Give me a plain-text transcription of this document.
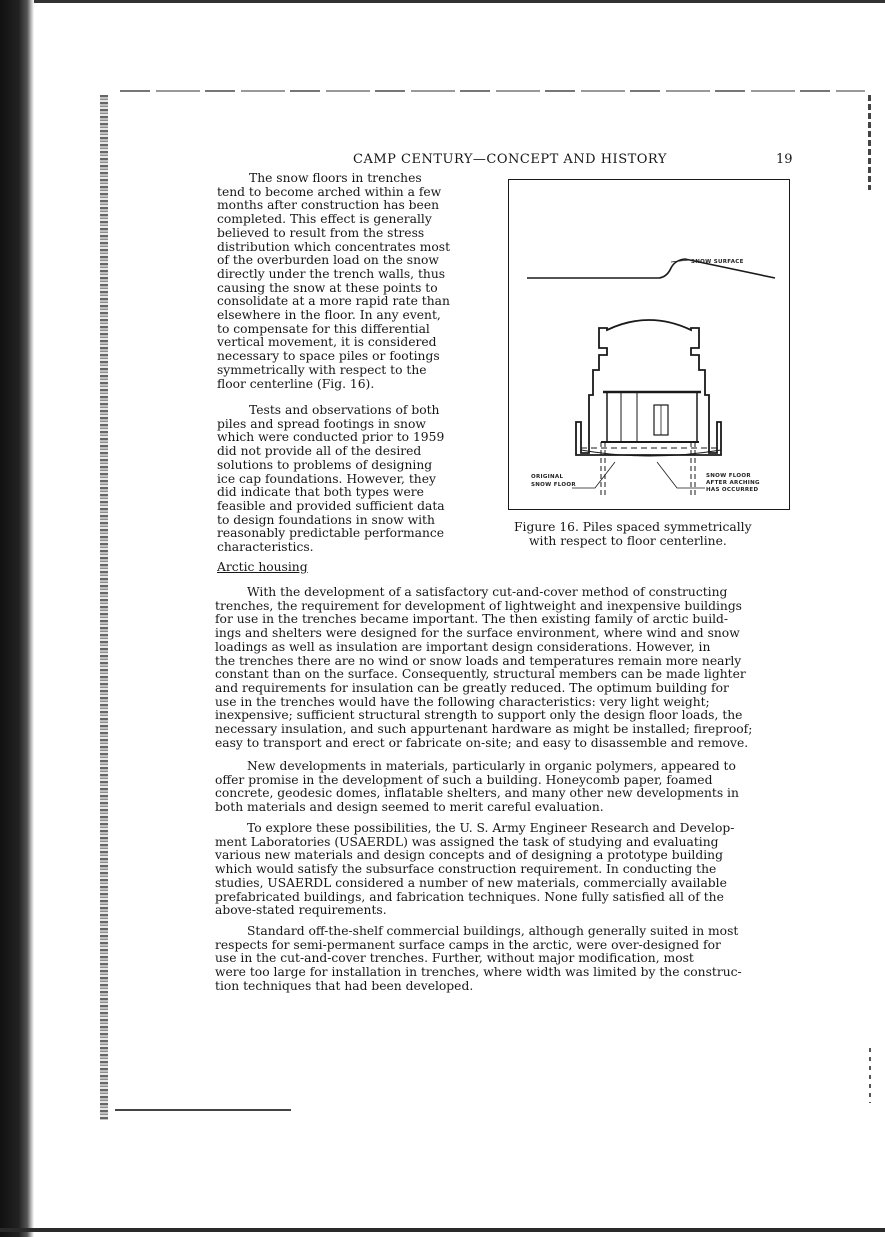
CAMP CENTURY—CONCEPT AND HISTORY	19
The snow floors in trenches
tend to become arched within a few
months after construction has been
completed. This effect is generally
believed to result from the stress
distribution which concentrates most
of the overburden load on the snow
directly under the trench walls, thus
causing the snow at these points to
consolidate at a more rapid rate than
elsewhere in the floor. In any event,
to compensate for this differential
vertical movement, it is considered
necessary to space piles or footings
symmetrically with respect to the
floor centerline (Fig. 16).
Tests and observations of both
piles and spread footings in snow
which were conducted prior to 1959
did not provide all of the desired
solutions to problems of designing
ice cap foundations. However, they
did indicate that both types were
feasible and provided sufficient data
to design foundations in snow with
reasonably predictable performance
characteristics.
SNOW SURFACE
ORIGINAL
SNOW FLOOR
SNOW FLOOR
AFTER ARCHING
HAS OCCURRED
Figure 16. Piles spaced symmetrically
with respect to floor centerline.
Arctic housing
With the development of a satisfactory cut-and-cover method of constructing
trenches, the requirement for development of lightweight and inexpensive buildings
for use in the trenches became important. The then existing family of arctic build-
ings and shelters were designed for the surface environment, where wind and snow
loadings as well as insulation are important design considerations. However, in
the trenches there are no wind or snow loads and temperatures remain more nearly
constant than on the surface. Consequently, structural members can be made lighter
and requirements for insulation can be greatly reduced. The optimum building for
use in the trenches would have the following characteristics: very light weight;
inexpensive; sufficient structural strength to support only the design floor loads, the
necessary insulation, and such appurtenant hardware as might be installed; fireproof;
easy to transport and erect or fabricate on-site; and easy to disassemble and remove.
New developments in materials, particularly in organic polymers, appeared to
offer promise in the development of such a building. Honeycomb paper, foamed
concrete, geodesic domes, inflatable shelters, and many other new developments in
both materials and design seemed to merit careful evaluation.
To explore these possibilities, the U. S. Army Engineer Research and Develop-
ment Laboratories (USAERDL) was assigned the task of studying and evaluating
various new materials and design concepts and of designing a prototype building
which would satisfy the subsurface construction requirement. In conducting the
studies, USAERDL considered a number of new materials, commercially available
prefabricated buildings, and fabrication techniques. None fully satisfied all of the
above-stated requirements.
Standard off-the-shelf commercial buildings, although generally suited in most
respects for semi-permanent surface camps in the arctic, were over-designed for
use in the cut-and-cover trenches. Further, without major modification, most
were too large for installation in trenches, where width was limited by the construc-
tion techniques that had been developed.
